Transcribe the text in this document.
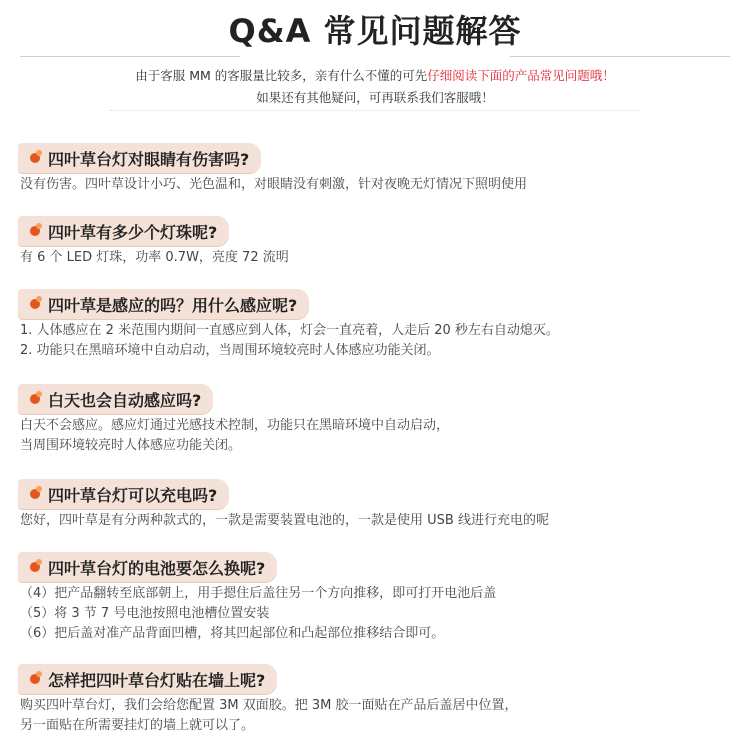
Q&A 常见问题解答
由于客服 MM 的客服量比较多，亲有什么不懂的可先仔细阅读下面的产品常见问题哦！
如果还有其他疑问，可再联系我们客服哦！
四叶草台灯对眼睛有伤害吗?
没有伤害。四叶草设计小巧、光色温和，对眼睛没有刺激，针对夜晚无灯情况下照明使用
四叶草有多少个灯珠呢?
有 6 个 LED 灯珠，功率 0.7W，亮度 72 流明
四叶草是感应的吗？用什么感应呢?
1. 人体感应在 2 米范围内期间一直感应到人体，灯会一直亮着，人走后 20 秒左右自动熄灭。
2. 功能只在黑暗环境中自动启动，当周围环境较亮时人体感应功能关闭。
白天也会自动感应吗?
白天不会感应。感应灯通过光感技术控制，功能只在黑暗环境中自动启动，
当周围环境较亮时人体感应功能关闭。
四叶草台灯可以充电吗?
您好，四叶草是有分两种款式的，一款是需要装置电池的，一款是使用 USB 线进行充电的呢
四叶草台灯的电池要怎么换呢?
（4）把产品翻转至底部朝上，用手摁住后盖往另一个方向推移，即可打开电池后盖
（5）将 3 节 7 号电池按照电池槽位置安装
（6）把后盖对准产品背面凹槽，将其凹起部位和凸起部位推移结合即可。
怎样把四叶草台灯贴在墙上呢?
购买四叶草台灯，我们会给您配置 3M 双面胶。把 3M 胶一面贴在产品后盖居中位置，
另一面贴在所需要挂灯的墙上就可以了。
